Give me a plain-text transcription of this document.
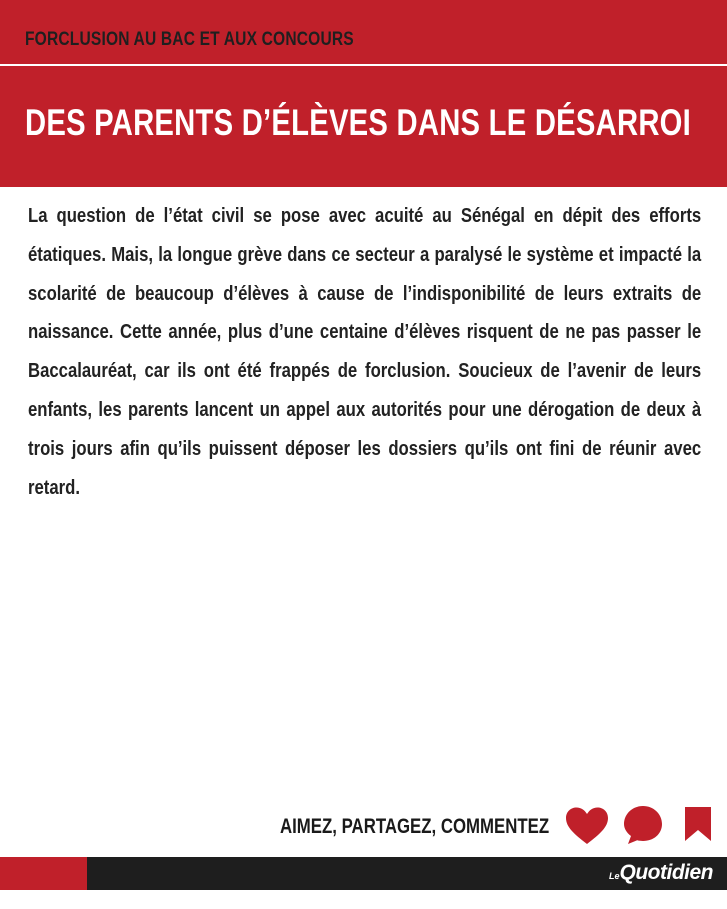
FORCLUSION AU BAC ET AUX CONCOURS
DES PARENTS D’ÉLÈVES DANS LE DÉSARROI

La question de l’état civil se pose avec acuité au Sénégal en dépit des efforts étatiques. Mais, la longue grève dans ce secteur a paralysé le système et impacté la scolarité de beaucoup d’élèves à cause de l’indisponibilité de leurs extraits de naissance. Cette année, plus d’une centaine d’élèves risquent de ne pas passer le Baccalauréat, car ils ont été frappés de forclusion. Soucieux de l’avenir de leurs enfants, les parents lancent un appel aux autorités pour une dérogation de deux à trois jours afin qu’ils puissent déposer les dossiers qu’ils ont fini de réunir avec retard.

AIMEZ, PARTAGEZ, COMMENTEZ
LeQuotidien
